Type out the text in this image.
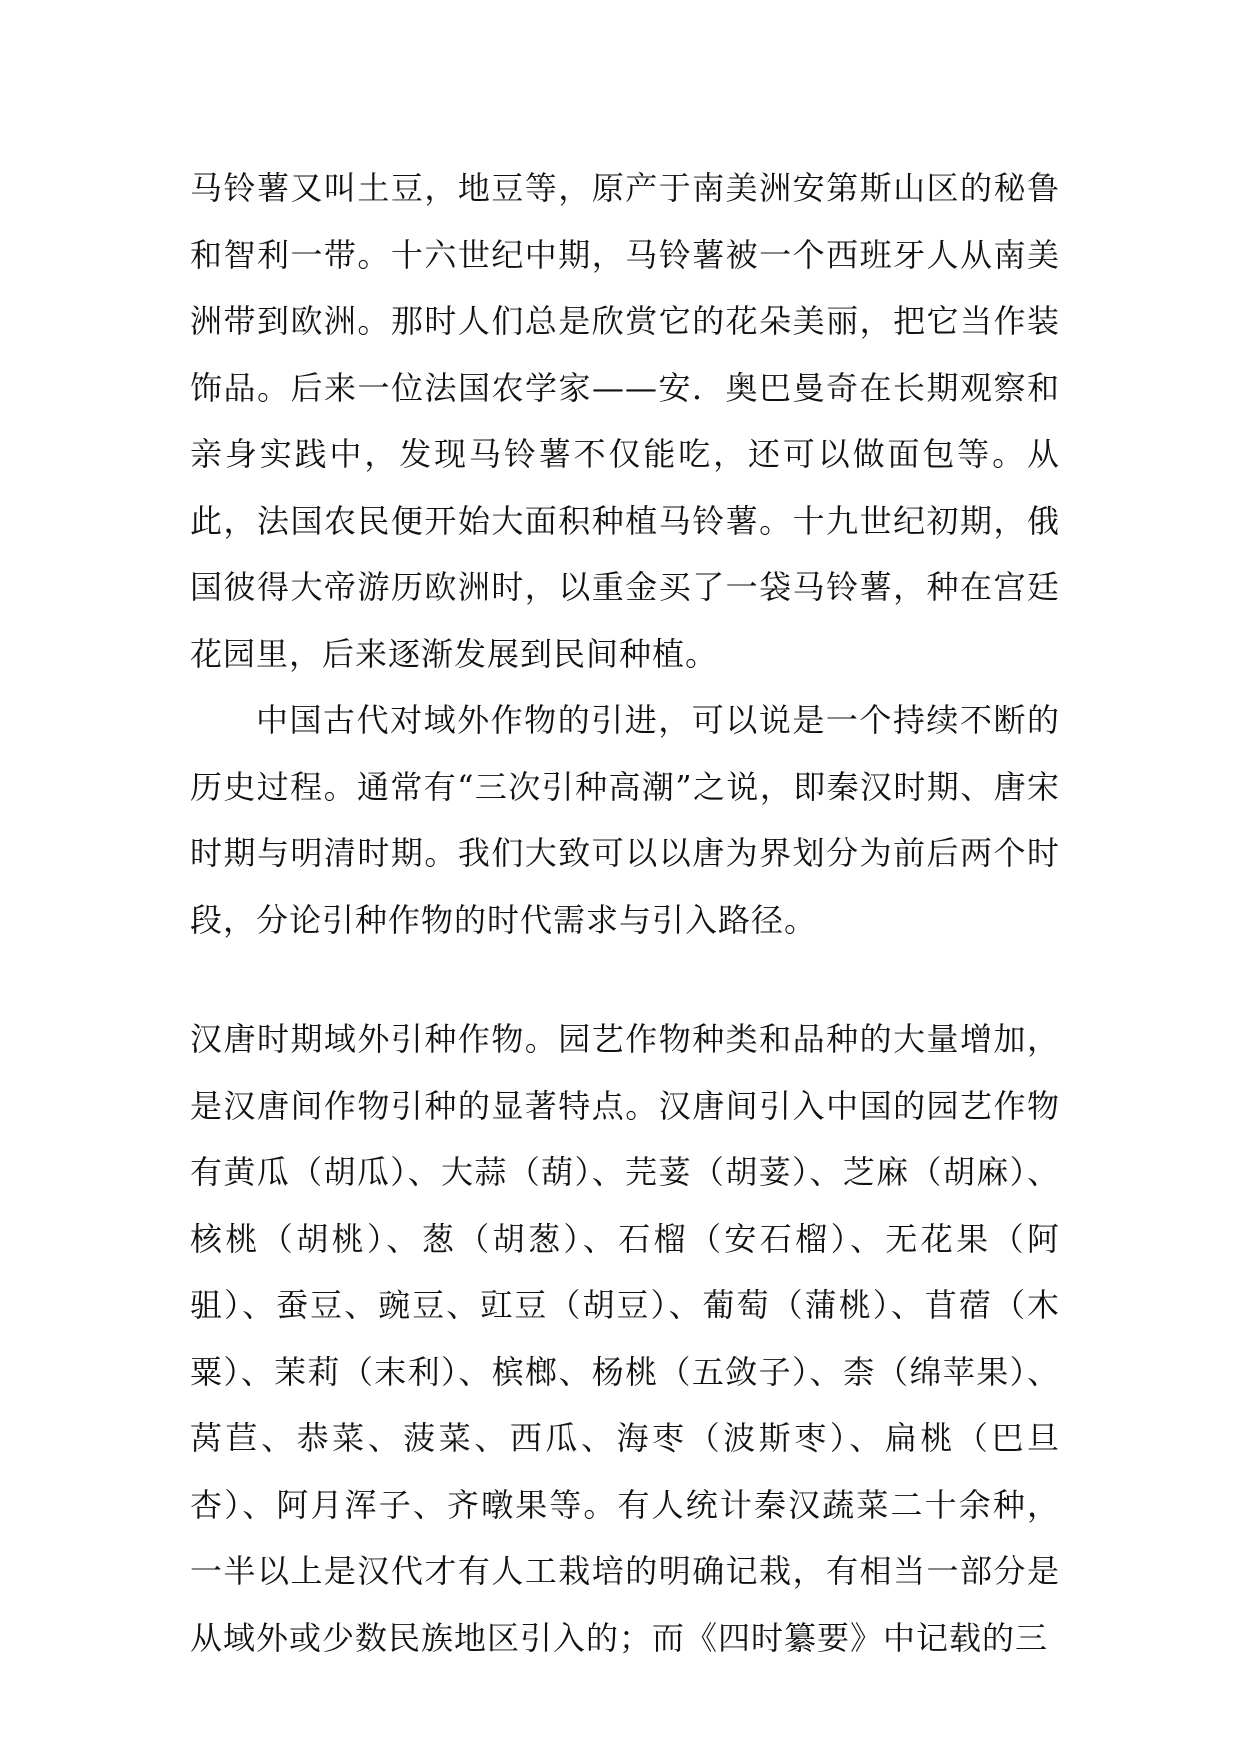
马铃薯又叫土豆，地豆等，原产于南美洲安第斯山区的秘鲁和智利一带。十六世纪中期，马铃薯被一个西班牙人从南美洲带到欧洲。那时人们总是欣赏它的花朵美丽，把它当作装饰品。后来一位法国农学家——安．奥巴曼奇在长期观察和亲身实践中，发现马铃薯不仅能吃，还可以做面包等。从此，法国农民便开始大面积种植马铃薯。十九世纪初期，俄国彼得大帝游历欧洲时，以重金买了一袋马铃薯，种在宫廷花园里，后来逐渐发展到民间种植。

中国古代对域外作物的引进，可以说是一个持续不断的历史过程。通常有“三次引种高潮”之说，即秦汉时期、唐宋时期与明清时期。我们大致可以以唐为界划分为前后两个时段，分论引种作物的时代需求与引入路径。

汉唐时期域外引种作物。园艺作物种类和品种的大量增加，是汉唐间作物引种的显著特点。汉唐间引入中国的园艺作物有黄瓜（胡瓜）、大蒜（葫）、芫荽（胡荽）、芝麻（胡麻）、核桃（胡桃）、葱（胡葱）、石榴（安石榴）、无花果（阿驵）、蚕豆、豌豆、豇豆（胡豆）、葡萄（蒲桃）、苜蓿（木粟）、茉莉（末利）、槟榔、杨桃（五敛子）、柰（绵苹果）、莴苣、恭菜、菠菜、西瓜、海枣（波斯枣）、扁桃（巴旦杏）、阿月浑子、齐暾果等。有人统计秦汉蔬菜二十余种，一半以上是汉代才有人工栽培的明确记栽，有相当一部分是从域外或少数民族地区引入的；而《四时纂要》中记载的三
